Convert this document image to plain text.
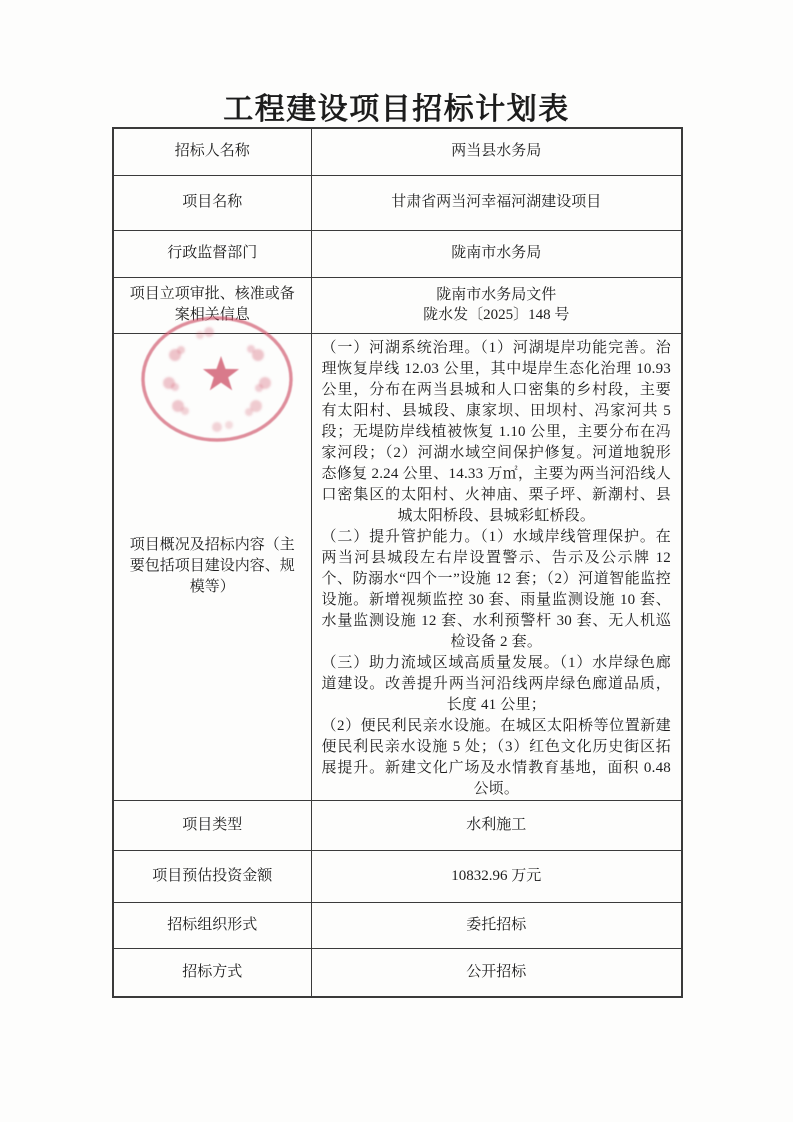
工程建设项目招标计划表
招标人名称	两当县水务局
项目名称	甘肃省两当河幸福河湖建设项目
行政监督部门	陇南市水务局
项目立项审批、核准或备案相关信息	陇南市水务局文件
陇水发〔2025〕148 号

项目概况及招标内容（主要包括项目建设内容、规模等）	（一）河湖系统治理。（1）河湖堤岸功能完善。治理恢复岸线 12.03 公里，其中堤岸生态化治理 10.93 公里，分布在两当县城和人口密集的乡村段，主要有太阳村、县城段、康家坝、田坝村、冯家河共 5 段；无堤防岸线植被恢复 1.10 公里，主要分布在冯家河段；（2）河湖水域空间保护修复。河道地貌形态修复 2.24 公里、14.33 万㎡，主要为两当河沿线人口密集区的太阳村、火神庙、栗子坪、新潮村、县城太阳桥段、县城彩虹桥段。
（二）提升管护能力。（1）水域岸线管理保护。在两当河县城段左右岸设置警示、告示及公示牌 12 个、防溺水“四个一”设施 12 套；（2）河道智能监控设施。新增视频监控 30 套、雨量监测设施 10 套、水量监测设施 12 套、水利预警杆 30 套、无人机巡检设备 2 套。
（三）助力流域区域高质量发展。（1）水岸绿色廊道建设。改善提升两当河沿线两岸绿色廊道品质，长度 41 公里；
（2）便民利民亲水设施。在城区太阳桥等位置新建便民利民亲水设施 5 处；（3）红色文化历史街区拓展提升。新建文化广场及水情教育基地，面积 0.48 公顷。

项目类型	水利施工
项目预估投资金额	10832.96 万元
招标组织形式	委托招标
招标方式	公开招标
